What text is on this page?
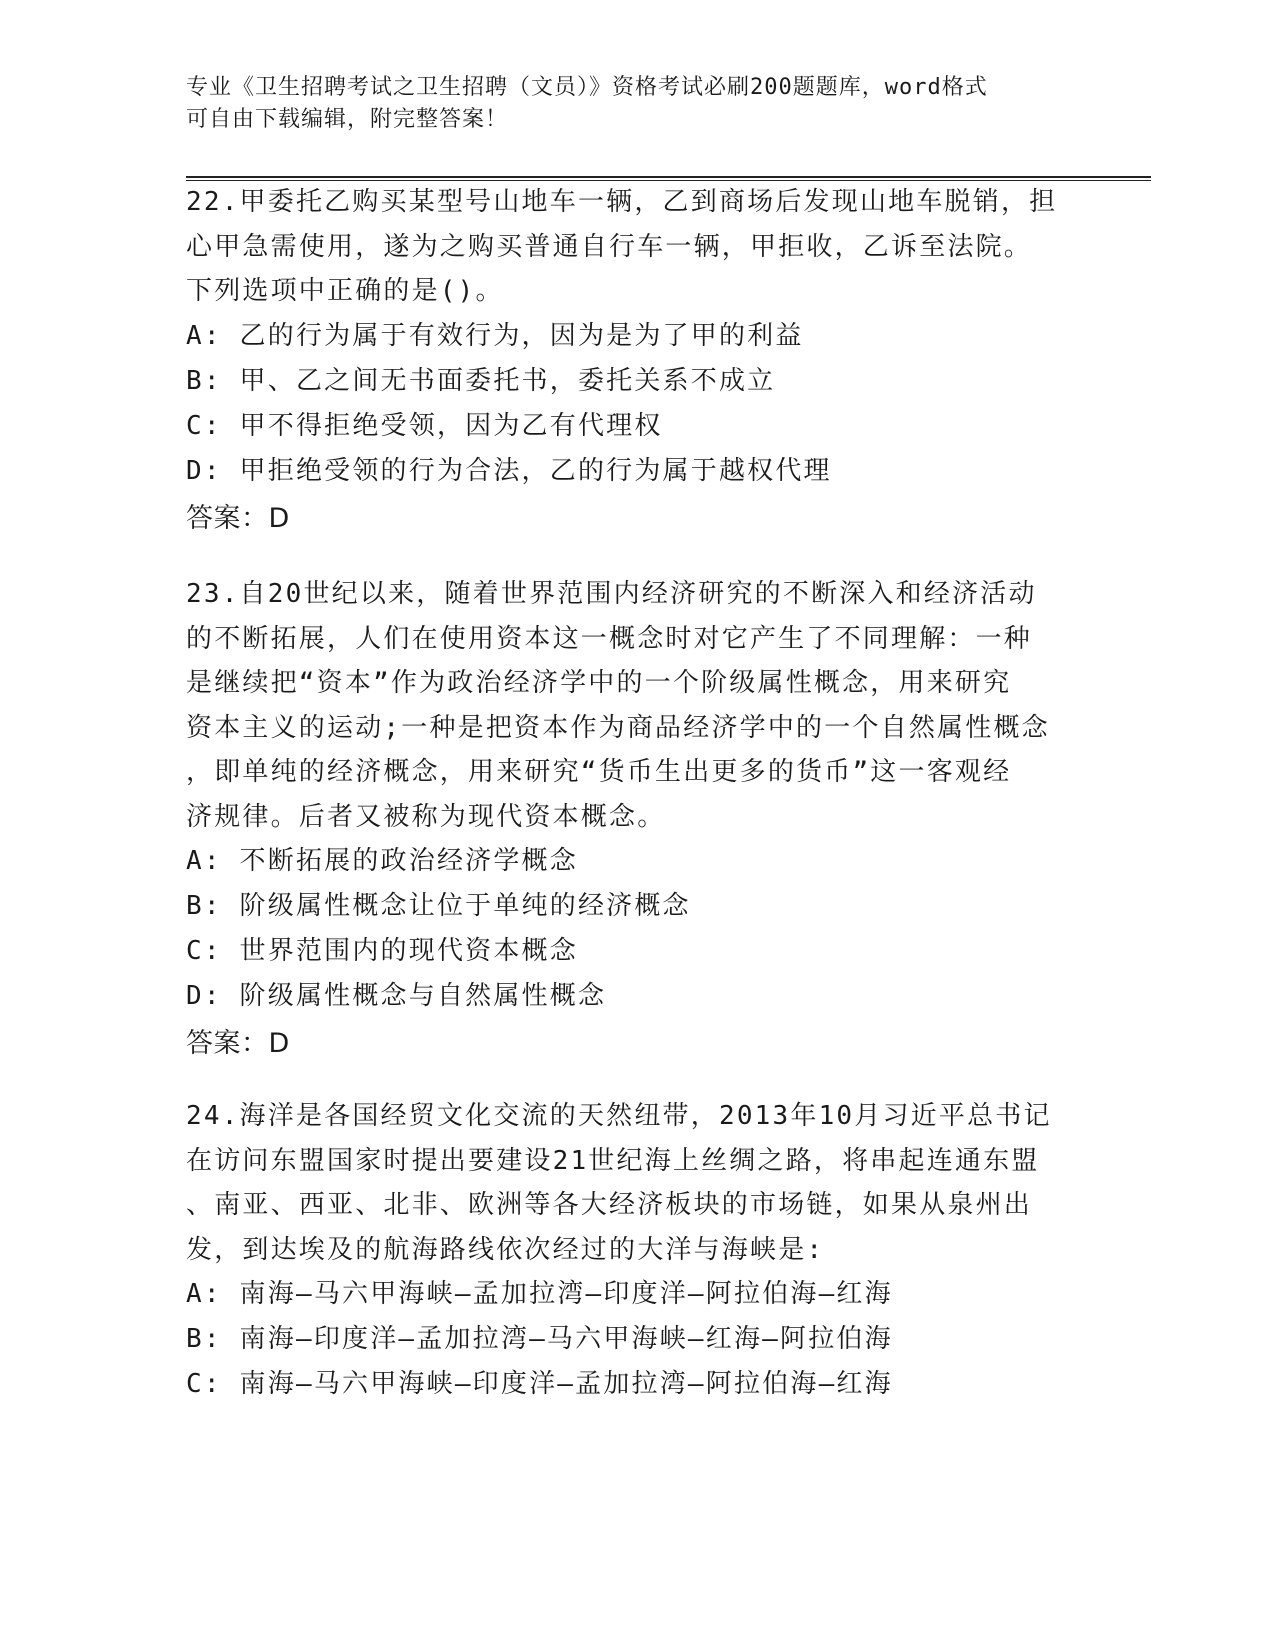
专业《卫生招聘考试之卫生招聘（文员）》资格考试必刷200题题库，word格式
可自由下载编辑，附完整答案！
22.甲委托乙购买某型号山地车一辆，乙到商场后发现山地车脱销，担
心甲急需使用，遂为之购买普通自行车一辆，甲拒收，乙诉至法院。
下列选项中正确的是()。
A: 乙的行为属于有效行为，因为是为了甲的利益
B: 甲、乙之间无书面委托书，委托关系不成立
C: 甲不得拒绝受领，因为乙有代理权
D: 甲拒绝受领的行为合法，乙的行为属于越权代理
答案：D
23.自20世纪以来，随着世界范围内经济研究的不断深入和经济活动
的不断拓展，人们在使用资本这一概念时对它产生了不同理解：一种
是继续把“资本”作为政治经济学中的一个阶级属性概念，用来研究
资本主义的运动;一种是把资本作为商品经济学中的一个自然属性概念
，即单纯的经济概念，用来研究“货币生出更多的货币”这一客观经
济规律。后者又被称为现代资本概念。
A: 不断拓展的政治经济学概念
B: 阶级属性概念让位于单纯的经济概念
C: 世界范围内的现代资本概念
D: 阶级属性概念与自然属性概念
答案：D
24.海洋是各国经贸文化交流的天然纽带，2013年10月习近平总书记
在访问东盟国家时提出要建设21世纪海上丝绸之路，将串起连通东盟
、南亚、西亚、北非、欧洲等各大经济板块的市场链，如果从泉州出
发，到达埃及的航海路线依次经过的大洋与海峡是:
A: 南海—马六甲海峡—孟加拉湾—印度洋—阿拉伯海—红海
B: 南海—印度洋—孟加拉湾—马六甲海峡—红海—阿拉伯海
C: 南海—马六甲海峡—印度洋—孟加拉湾—阿拉伯海—红海
